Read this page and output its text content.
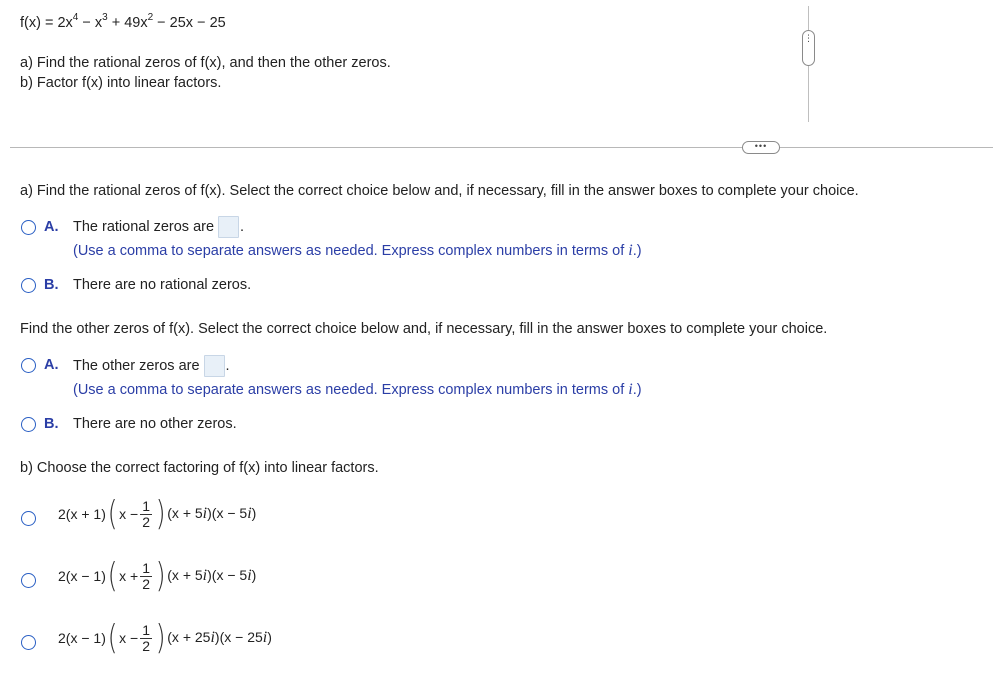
$f(x) = 2x^4 - x^3 + 49x^2 - 25x - 25$
a) Find the rational zeros of f(x), and then the other zeros.
b) Factor f(x) into linear factors.
⋮
•••
a) Find the rational zeros of f(x). Select the correct choice below and, if necessary, fill in the answer boxes to complete your choice.
A. The rational zeros are .
(Use a comma to separate answers as needed. Express complex numbers in terms of i.)
B. There are no rational zeros.
Find the other zeros of f(x). Select the correct choice below and, if necessary, fill in the answer boxes to complete your choice.
A. The other zeros are .
(Use a comma to separate answers as needed. Express complex numbers in terms of i.)
B. There are no other zeros.
b) Choose the correct factoring of f(x) into linear factors.
2(x + 1) ( $x - \frac{1}{2}$ ) (x + 5i)(x − 5i)
2(x − 1) ( $x + \frac{1}{2}$ ) (x + 5i)(x − 5i)
2(x − 1) ( $x - \frac{1}{2}$ ) (x + 25i)(x − 25i)
